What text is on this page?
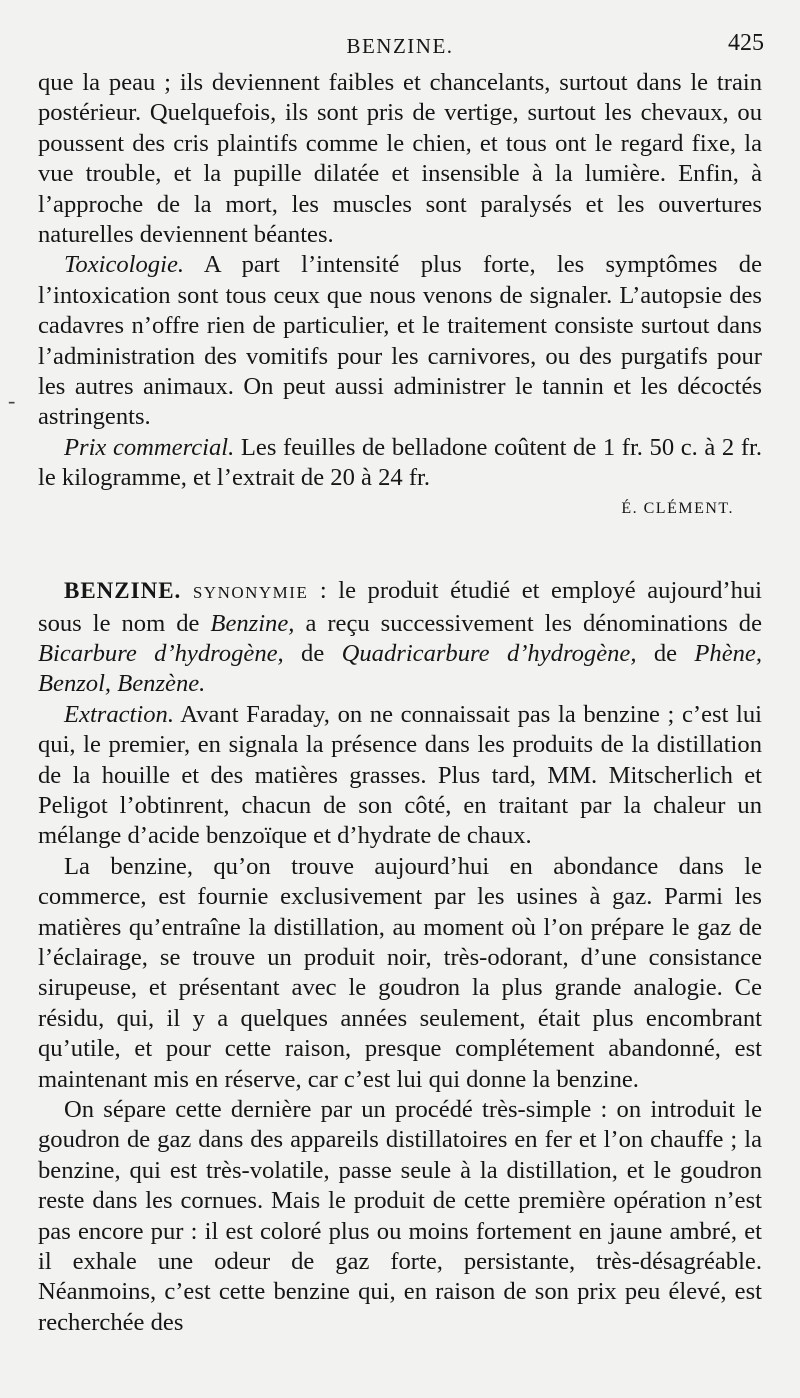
BENZINE.	425
-

que la peau ; ils deviennent faibles et chancelants, surtout dans le train postérieur. Quelquefois, ils sont pris de vertige, surtout les chevaux, ou poussent des cris plaintifs comme le chien, et tous ont le regard fixe, la vue trouble, et la pupille dilatée et insensible à la lumière. Enfin, à l’approche de la mort, les muscles sont paralysés et les ouvertures naturelles deviennent béantes.

Toxicologie. A part l’intensité plus forte, les symptômes de l’intoxication sont tous ceux que nous venons de signaler. L’autopsie des cadavres n’offre rien de particulier, et le traitement consiste surtout dans l’administration des vomitifs pour les carnivores, ou des purgatifs pour les autres animaux. On peut aussi administrer le tannin et les décoctés astringents.

Prix commercial. Les feuilles de belladone coûtent de 1 fr. 50 c. à 2 fr. le kilogramme, et l’extrait de 20 à 24 fr.

É. CLÉMENT.

BENZINE. SYNONYMIE : le produit étudié et employé aujourd’hui sous le nom de Benzine, a reçu successivement les dénominations de Bicarbure d’hydrogène, de Quadricarbure d’hydrogène, de Phène, Benzol, Benzène.

Extraction. Avant Faraday, on ne connaissait pas la benzine ; c’est lui qui, le premier, en signala la présence dans les produits de la distillation de la houille et des matières grasses. Plus tard, MM. Mitscherlich et Peligot l’obtinrent, chacun de son côté, en traitant par la chaleur un mélange d’acide benzoïque et d’hydrate de chaux.

La benzine, qu’on trouve aujourd’hui en abondance dans le commerce, est fournie exclusivement par les usines à gaz. Parmi les matières qu’entraîne la distillation, au moment où l’on prépare le gaz de l’éclairage, se trouve un produit noir, très-odorant, d’une consistance sirupeuse, et présentant avec le goudron la plus grande analogie. Ce résidu, qui, il y a quelques années seulement, était plus encombrant qu’utile, et pour cette raison, presque complétement abandonné, est maintenant mis en réserve, car c’est lui qui donne la benzine.

On sépare cette dernière par un procédé très-simple : on introduit le goudron de gaz dans des appareils distillatoires en fer et l’on chauffe ; la benzine, qui est très-volatile, passe seule à la distillation, et le goudron reste dans les cornues. Mais le produit de cette première opération n’est pas encore pur : il est coloré plus ou moins fortement en jaune ambré, et il exhale une odeur de gaz forte, persistante, très-désagréable. Néanmoins, c’est cette benzine qui, en raison de son prix peu élevé, est recherchée des
